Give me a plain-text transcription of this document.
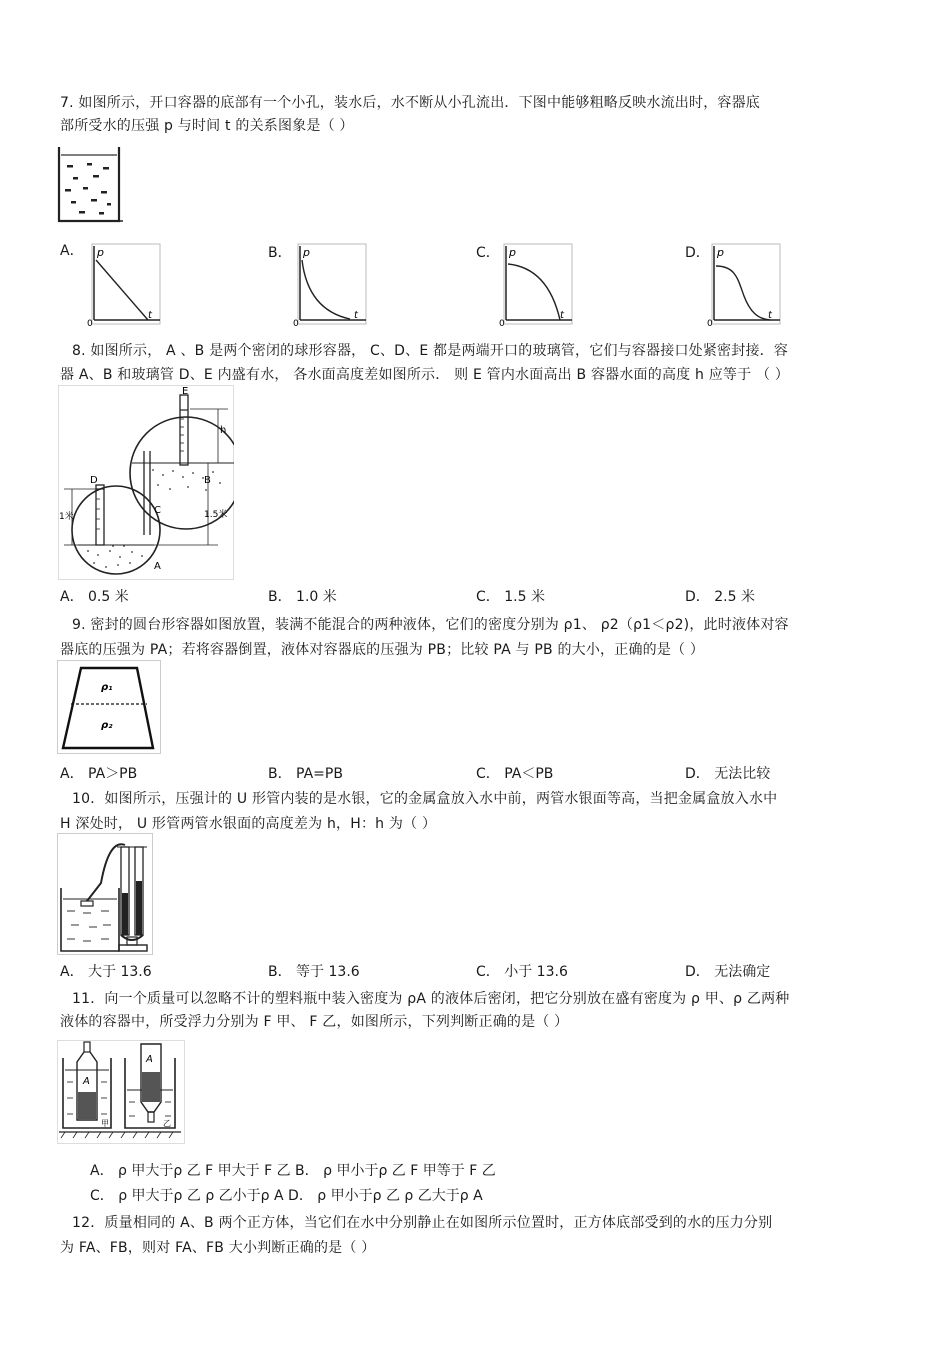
7. 如图所示，开口容器的底部有一个小孔，装水后，水不断从小孔流出．下图中能够粗略反映水流出时，容器底
部所受水的压强 p 与时间 t 的关系图象是（ ）
A．	B．	C．	D．
p
t
0
p
t
0
p
t
0
p
t
0
8. 如图所示， A 、B 是两个密闭的球形容器， C、D、E 都是两端开口的玻璃管，它们与容器接口处紧密封接．容
器 A、B 和玻璃管 D、E 内盛有水， 各水面高度差如图所示． 则 E 管内水面高出 B 容器水面的高度 h 应等于 （ ）
E
h
B
A
D
C
1米	1.5米
A． 0.5 米	B． 1.0 米	C． 1.5 米	D． 2.5 米
9. 密封的圆台形容器如图放置，装满不能混合的两种液体，它们的密度分别为 ρ1、 ρ2（ρ1＜ρ2)，此时液体对容
器底的压强为 PA；若将容器倒置，液体对容器底的压强为 PB；比较 PA 与 PB 的大小，正确的是（ ）
ρ₁
ρ₂
A． PA＞PB	B． PA=PB	C． PA＜PB	D． 无法比较
10．如图所示，压强计的 U 形管内装的是水银，它的金属盒放入水中前，两管水银面等高，当把金属盒放入水中
H 深处时， U 形管两管水银面的高度差为 h，H：h 为（ ）
A． 大于 13.6	B． 等于 13.6	C． 小于 13.6	D． 无法确定
11．向一个质量可以忽略不计的塑料瓶中装入密度为 ρA 的液体后密闭，把它分别放在盛有密度为 ρ 甲、ρ 乙两种
液体的容器中，所受浮力分别为 F 甲、 F 乙，如图所示，下列判断正确的是（ ）
A
甲
A
乙
A． ρ 甲大于ρ 乙 F 甲大于 F 乙 B． ρ 甲小于ρ 乙 F 甲等于 F 乙
C． ρ 甲大于ρ 乙 ρ 乙小于ρ A D． ρ 甲小于ρ 乙 ρ 乙大于ρ A
12．质量相同的 A、B 两个正方体，当它们在水中分别静止在如图所示位置时，正方体底部受到的水的压力分别
为 FA、FB，则对 FA、FB 大小判断正确的是（ ）
